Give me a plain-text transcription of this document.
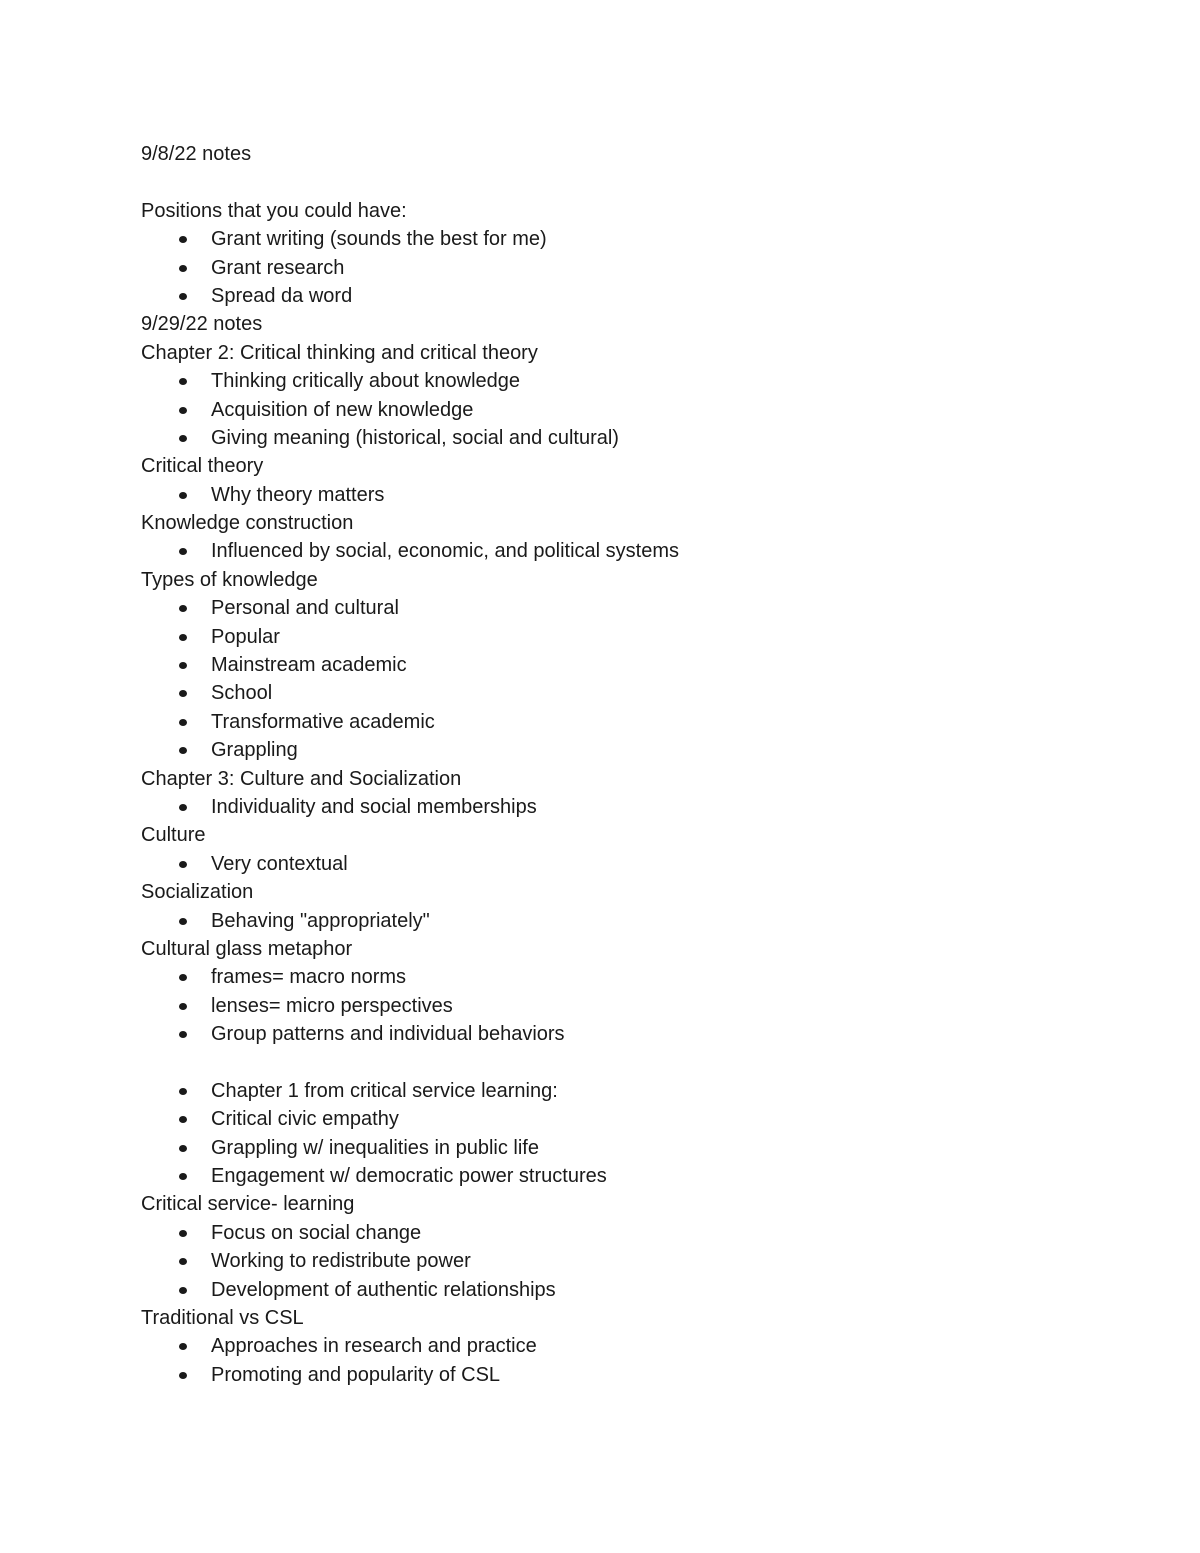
9/8/22 notes
Positions that you could have:
Grant writing (sounds the best for me)
Grant research
Spread da word
9/29/22 notes
Chapter 2: Critical thinking and critical theory
Thinking critically about knowledge
Acquisition of new knowledge
Giving meaning (historical, social and cultural)
Critical theory
Why theory matters
Knowledge construction
Influenced by social, economic, and political systems
Types of knowledge
Personal and cultural
Popular
Mainstream academic
School
Transformative academic
Grappling
Chapter 3: Culture and Socialization
Individuality and social memberships
Culture
Very contextual
Socialization
Behaving "appropriately"
Cultural glass metaphor
frames= macro norms
lenses= micro perspectives
Group patterns and individual behaviors
Chapter 1 from critical service learning:
Critical civic empathy
Grappling w/ inequalities in public life
Engagement w/ democratic power structures
Critical service- learning
Focus on social change
Working to redistribute power
Development of authentic relationships
Traditional vs CSL
Approaches in research and practice
Promoting and popularity of CSL
